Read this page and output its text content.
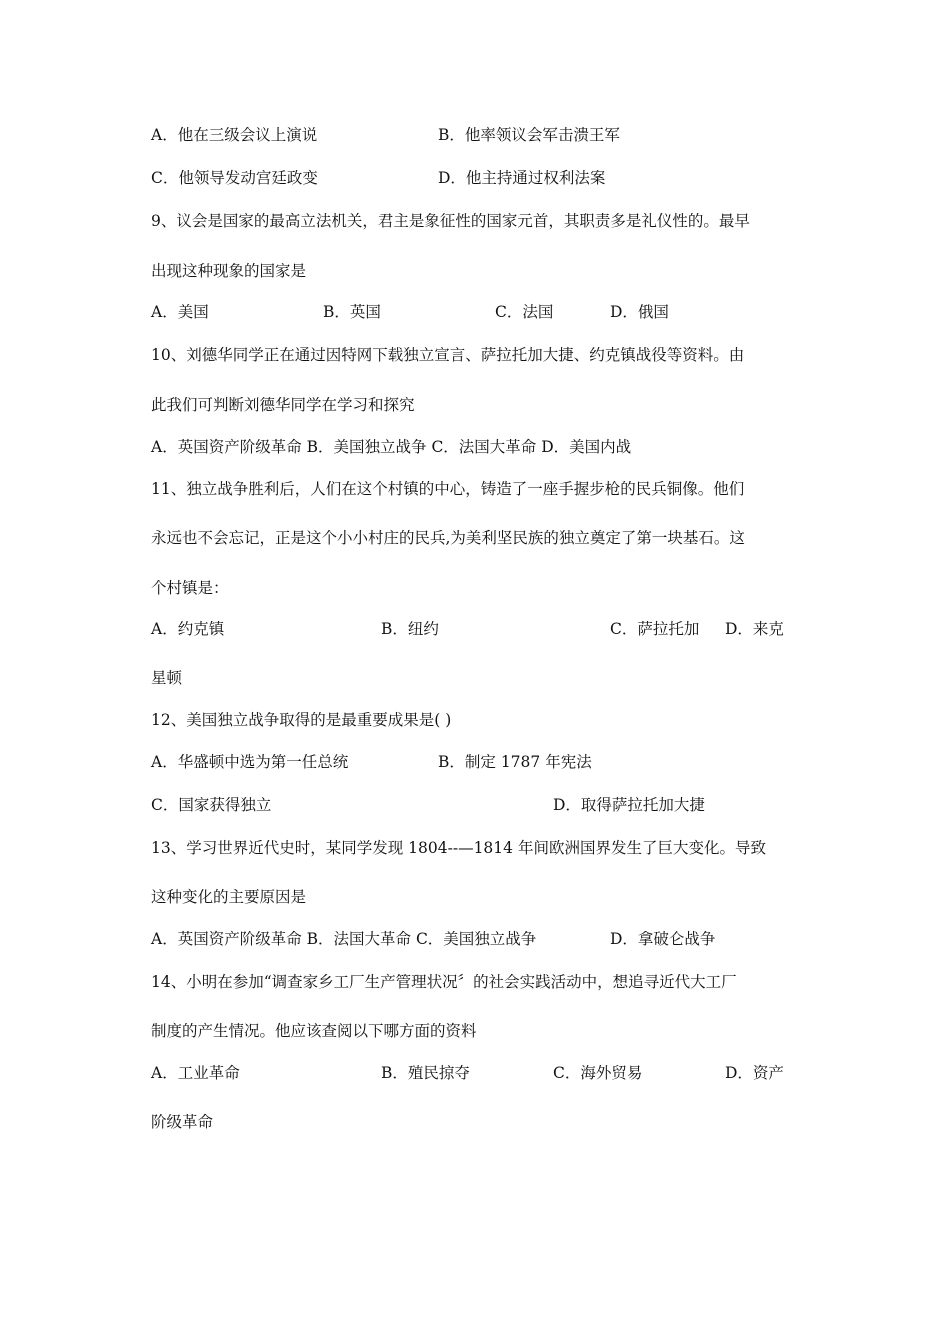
A．他在三级会议上演说	B．他率领议会军击溃王军
C．他领导发动宫廷政变	D．他主持通过权利法案
9、议会是国家的最高立法机关，君主是象征性的国家元首，其职责多是礼仪性的。最早
出现这种现象的国家是
A．美国	B．英国	C．法国	D．俄国
10、刘德华同学正在通过因特网下载独立宣言、萨拉托加大捷、约克镇战役等资料。由
此我们可判断刘德华同学在学习和探究
A．英国资产阶级革命 B．美国独立战争 C．法国大革命 D．美国内战
11、独立战争胜利后，人们在这个村镇的中心，铸造了一座手握步枪的民兵铜像。他们
永远也不会忘记，正是这个小小村庄的民兵,为美利坚民族的独立奠定了第一块基石。这
个村镇是：
A．约克镇	B．纽约	C．萨拉托加 D．来克
星顿
12、美国独立战争取得的是最重要成果是( )
A．华盛顿中选为第一任总统	B．制定 1787 年宪法
C．国家获得独立	D．取得萨拉托加大捷
13、学习世界近代史时，某同学发现 1804--—1814 年间欧洲国界发生了巨大变化。导致
这种变化的主要原因是
A．英国资产阶级革命 B．法国大革命 C．美国独立战争	D．拿破仑战争
14、小明在参加“调查家乡工厂生产管理状况〞的社会实践活动中，想追寻近代大工厂
制度的产生情况。他应该查阅以下哪方面的资料
A．工业革命	B．殖民掠夺	C．海外贸易	D．资产
阶级革命
